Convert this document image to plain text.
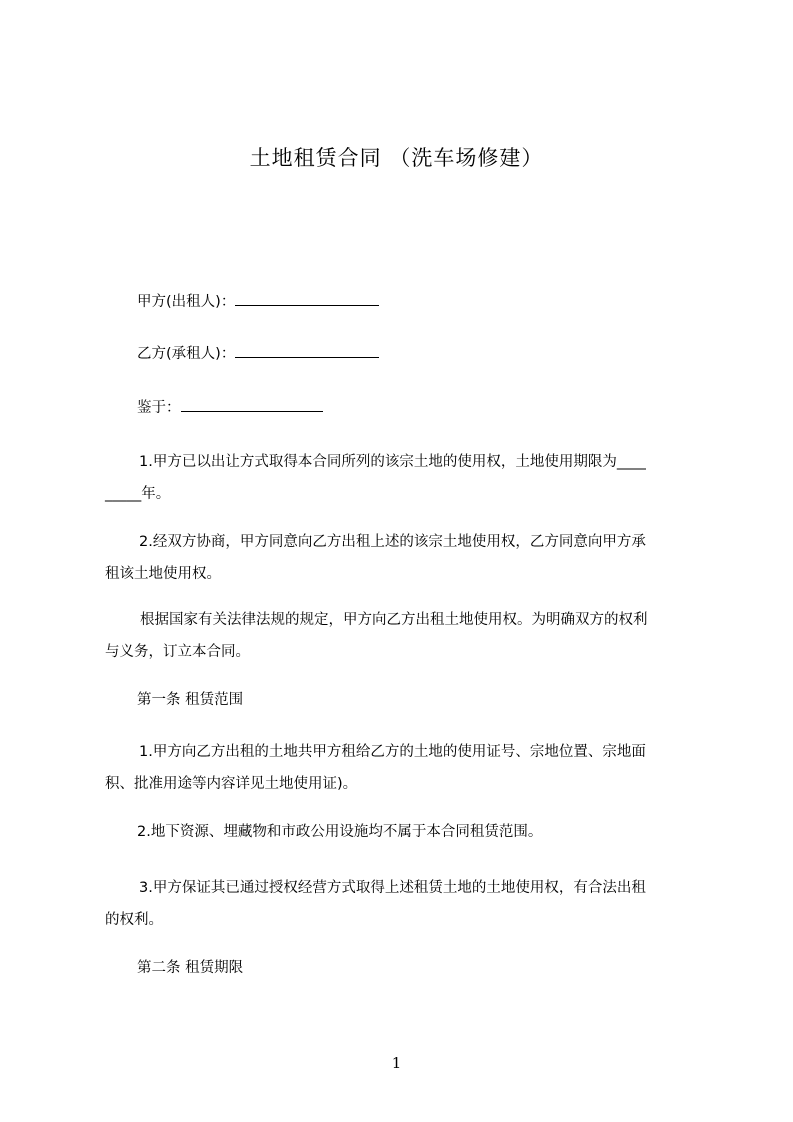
土地租赁合同 （洗车场修建）

甲方(出租人)：

乙方(承租人)：

鉴于：

1.甲方已以出让方式取得本合同所列的该宗土地的使用权，土地使用期限为____
_____年。
2.经双方协商，甲方同意向乙方出租上述的该宗土地使用权，乙方同意向甲方承
租该土地使用权。
根据国家有关法律法规的规定，甲方向乙方出租土地使用权。为明确双方的权利
与义务，订立本合同。

第一条 租赁范围

1.甲方向乙方出租的土地共甲方租给乙方的土地的使用证号、宗地位置、宗地面
积、批准用途等内容详见土地使用证)。

2.地下资源、埋藏物和市政公用设施均不属于本合同租赁范围。

3.甲方保证其已通过授权经营方式取得上述租赁土地的土地使用权，有合法出租
的权利。

第二条 租赁期限

1
